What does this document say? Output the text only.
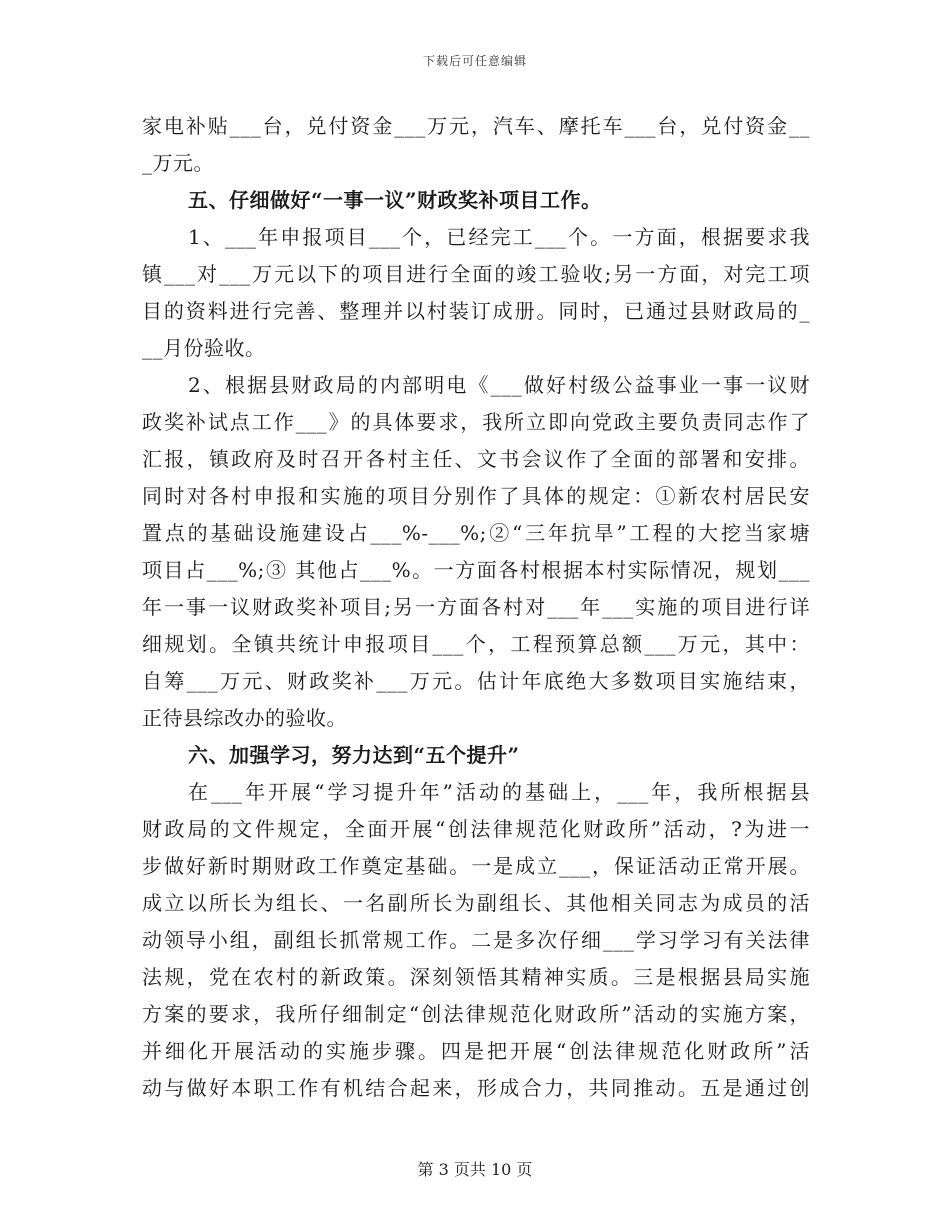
下载后可任意编辑
家电补贴___台，兑付资金___万元，汽车、摩托车___台，兑付资金__
_万元。
五、仔细做好“一事一议”财政奖补项目工作。
1、___年申报项目___个，已经完工___个。一方面，根据要求我
镇___对___万元以下的项目进行全面的竣工验收;另一方面，对完工项
目的资料进行完善、整理并以村装订成册。同时，已通过县财政局的_
__月份验收。
2、根据县财政局的内部明电《___做好村级公益事业一事一议财
政奖补试点工作___》的具体要求，我所立即向党政主要负责同志作了
汇报，镇政府及时召开各村主任、文书会议作了全面的部署和安排。
同时对各村申报和实施的项目分别作了具体的规定：①新农村居民安
置点的基础设施建设占___%-___%;②“三年抗旱”工程的大挖当家塘
项目占___%;③ 其他占___%。一方面各村根据本村实际情况，规划___
年一事一议财政奖补项目;另一方面各村对___年___实施的项目进行详
细规划。全镇共统计申报项目___个，工程预算总额___万元，其中：
自筹___万元、财政奖补___万元。估计年底绝大多数项目实施结束，
正待县综改办的验收。
六、加强学习，努力达到“五个提升”
在___年开展“学习提升年”活动的基础上，___年，我所根据县
财政局的文件规定，全面开展“创法律规范化财政所”活动，?为进一
步做好新时期财政工作奠定基础。一是成立___，保证活动正常开展。
成立以所长为组长、一名副所长为副组长、其他相关同志为成员的活
动领导小组，副组长抓常规工作。二是多次仔细___学习学习有关法律
法规，党在农村的新政策。深刻领悟其精神实质。三是根据县局实施
方案的要求，我所仔细制定“创法律规范化财政所”活动的实施方案，
并细化开展活动的实施步骤。四是把开展“创法律规范化财政所”活
动与做好本职工作有机结合起来，形成合力，共同推动。五是通过创
第 3 页共 10 页
